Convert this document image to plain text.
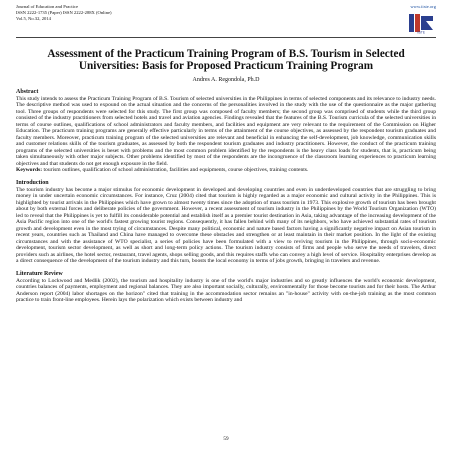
Journal of Education and Practice
ISSN 2222-1735 (Paper) ISSN 2222-288X (Online)
Vol.5, No.32, 2014
www.iiste.org
IISTE
Assessment of the Practicum Training Program of B.S. Tourism in Selected Universities: Basis for Proposed Practicum Training Program
Andres A. Regondola, Ph.D
Abstract

This study intends to assess the Practicum Training Program of B.S. Tourism of selected universities in the Philippines in terms of selected components and its relevance to industry needs. The descriptive method was used to expound on the actual situation and the concerns of the personalities involved in the study with the use of the questionnaire as the major gathering tool. Three groups of respondents were selected for this study. The first group was composed of faculty members; the second group was comprised of students while the third group consisted of the industry practitioners from selected hotels and travel and aviation agencies. Findings revealed that the features of the B.S. Tourism curricula of the selected universities in terms of course outlines, qualifications of school administrators and faculty members, and facilities and equipment are very relevant to the requirement of the Commission on Higher Education. The practicum training programs are generally effective particularly in terms of the attainment of the course objectives, as assessed by the respondent tourism graduates and faculty members. Moreover, practicum training program of the selected universities are relevant and beneficial in enhancing the self-development, job knowledge, communication skills and customer relations skills of the tourism graduates, as assessed by both the respondent tourism graduates and industry practitioners. However, the conduct of the practicum training programs of the selected universities is beset with problems and the most common problem identified by the respondents is the heavy class loads for students, that is, practicum being taken simultaneously with other major subjects. Other problems identified by most of the respondents are the incongruence of the classroom learning experiences to practicum learning objectives and that students do not get enough exposure in the field.

Keywords: tourism outlines, qualification of school administration, facilities and equipments, course objectives, training contents.

Introduction

The tourism industry has become a major stimulus for economic development in developed and developing countries and even in underdeveloped countries that are struggling to bring money in under uncertain economic circumstances. For instance, Cruz (2004) cited that tourism is highly regarded as a major economic and cultural activity in the Philippines. This is highlighted by tourist arrivals in the Philippines which have grown to almost twenty times since the adoption of mass tourism in 1973. This explosive growth of tourism has been brought about by both external forces and deliberate policies of the government. However, a recent assessment of tourism industry in the Philippines by the World Tourism Organization (WTO) led to reveal that the Philippines is yet to fulfill its considerable potential and establish itself as a premier tourist destination in Asia, taking advantage of the increasing development of the Asia Pacific region into one of the world's fastest growing tourist regions. Consequently, it has fallen behind with many of its neighbors, who have achieved substantial rates of tourism growth and development even in the most trying of circumstances. Despite many political, economic and nature based factors having a significantly negative impact on Asian tourism in recent years, countries such as Thailand and China have managed to overcome these obstacles and strengthen or at least maintain in their market position. In the light of the existing circumstances and with the assistance of WTO specialist, a series of policies have been formulated with a view to reviving tourism in the Philippines, through socio-economic development, tourism sector development, as well as short and long-term policy actions. The tourism industry consists of firms and people who serve the needs of travelers, direct providers such as airlines, the hotel sector, restaurant, travel agents, shops selling goods, and this requires staffs who can convey a high level of service. Hospitality enterprises develop as a direct consequence of the development of the tourism industry and this turn, boosts the local economy in terms of jobs growth, bringing in travelers and revenue.

Literature Review

According to Lockwood and Medlik (2002), the tourism and hospitality industry is one of the world's major industries and so greatly influences the world's economic development, countries balances of payments, employment and regional balances. They are also important socially, culturally, environmentally for those become tourists and for their hosts. The Arthur Anderson report (2004) labor shortages on the horizon" cited that training in the accommodation sector remains an "in-house" activity with on-the-job training as the most common practice to train front-line employees. Herein lays the polarization which exists between industry and

59
